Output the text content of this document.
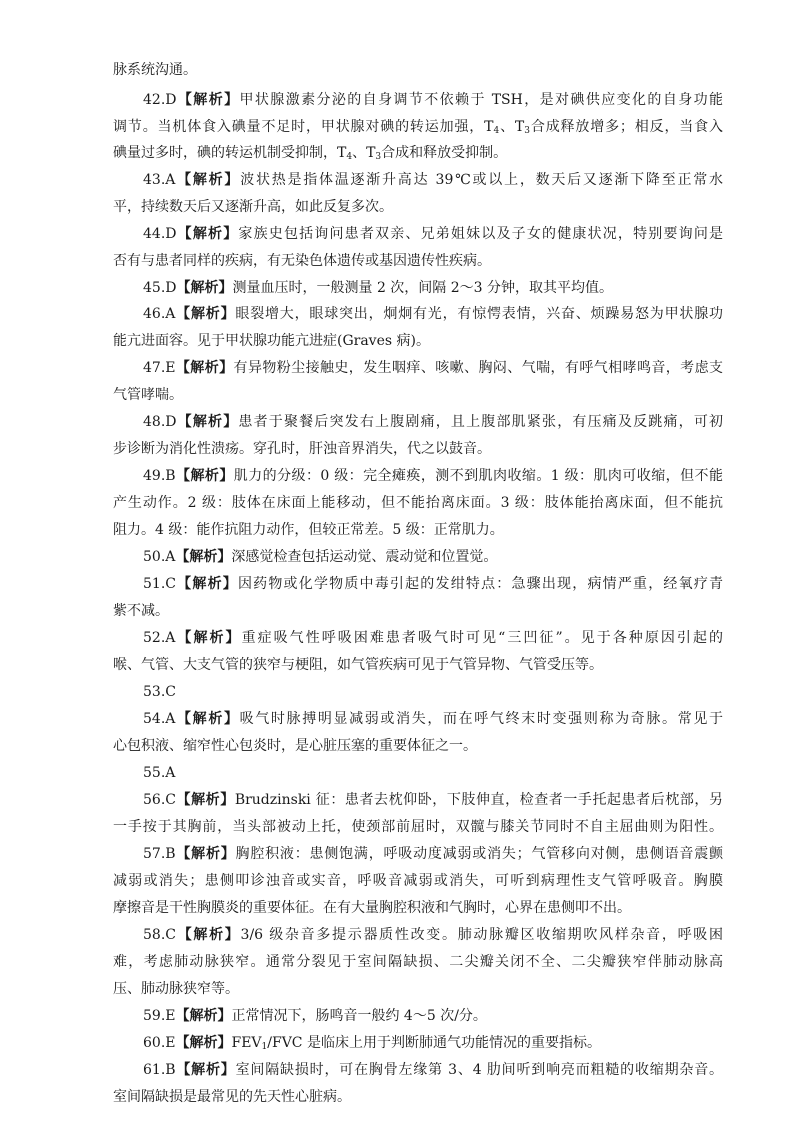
脉系统沟通。
42.D【解析】甲状腺激素分泌的自身调节不依赖于 TSH，是对碘供应变化的自身功能
调节。当机体食入碘量不足时，甲状腺对碘的转运加强，$T_4$、$T_3$合成释放增多；相反，当食入
碘量过多时，碘的转运机制受抑制，$T_4$、$T_3$合成和释放受抑制。
43.A【解析】波状热是指体温逐渐升高达 39℃或以上，数天后又逐渐下降至正常水
平，持续数天后又逐渐升高，如此反复多次。
44.D【解析】家族史包括询问患者双亲、兄弟姐妹以及子女的健康状况，特别要询问是
否有与患者同样的疾病，有无染色体遗传或基因遗传性疾病。
45.D【解析】测量血压时，一般测量 2 次，间隔 2～3 分钟，取其平均值。
46.A【解析】眼裂增大，眼球突出，炯炯有光，有惊愕表情，兴奋、烦躁易怒为甲状腺功
能亢进面容。见于甲状腺功能亢进症(Graves 病)。
47.E【解析】有异物粉尘接触史，发生咽痒、咳嗽、胸闷、气喘，有呼气相哮鸣音，考虑支
气管哮喘。
48.D【解析】患者于聚餐后突发右上腹剧痛，且上腹部肌紧张，有压痛及反跳痛，可初
步诊断为消化性溃疡。穿孔时，肝浊音界消失，代之以鼓音。
49.B【解析】肌力的分级：0 级：完全瘫痪，测不到肌肉收缩。1 级：肌肉可收缩，但不能
产生动作。2 级：肢体在床面上能移动，但不能抬离床面。3 级：肢体能抬离床面，但不能抗
阻力。4 级：能作抗阻力动作，但较正常差。5 级：正常肌力。
50.A【解析】深感觉检查包括运动觉、震动觉和位置觉。
51.C【解析】因药物或化学物质中毒引起的发绀特点：急骤出现，病情严重，经氧疗青
紫不减。
52.A【解析】重症吸气性呼吸困难患者吸气时可见“三凹征”。见于各种原因引起的
喉、气管、大支气管的狭窄与梗阻，如气管疾病可见于气管异物、气管受压等。
53.C
54.A【解析】吸气时脉搏明显减弱或消失，而在呼气终末时变强则称为奇脉。常见于
心包积液、缩窄性心包炎时，是心脏压塞的重要体征之一。
55.A
56.C【解析】Brudzinski 征：患者去枕仰卧，下肢伸直，检查者一手托起患者后枕部，另
一手按于其胸前，当头部被动上托，使颈部前屈时，双髋与膝关节同时不自主屈曲则为阳性。
57.B【解析】胸腔积液：患侧饱满，呼吸动度减弱或消失；气管移向对侧，患侧语音震颤
减弱或消失；患侧叩诊浊音或实音，呼吸音减弱或消失，可听到病理性支气管呼吸音。胸膜
摩擦音是干性胸膜炎的重要体征。在有大量胸腔积液和气胸时，心界在患侧叩不出。
58.C【解析】3/6 级杂音多提示器质性改变。肺动脉瓣区收缩期吹风样杂音，呼吸困
难，考虑肺动脉狭窄。通常分裂见于室间隔缺损、二尖瓣关闭不全、二尖瓣狭窄伴肺动脉高
压、肺动脉狭窄等。
59.E【解析】正常情况下，肠鸣音一般约 4～5 次/分。
60.E【解析】$FEV_1$/FVC 是临床上用于判断肺通气功能情况的重要指标。
61.B【解析】室间隔缺损时，可在胸骨左缘第 3、4 肋间听到响亮而粗糙的收缩期杂音。
室间隔缺损是最常见的先天性心脏病。
